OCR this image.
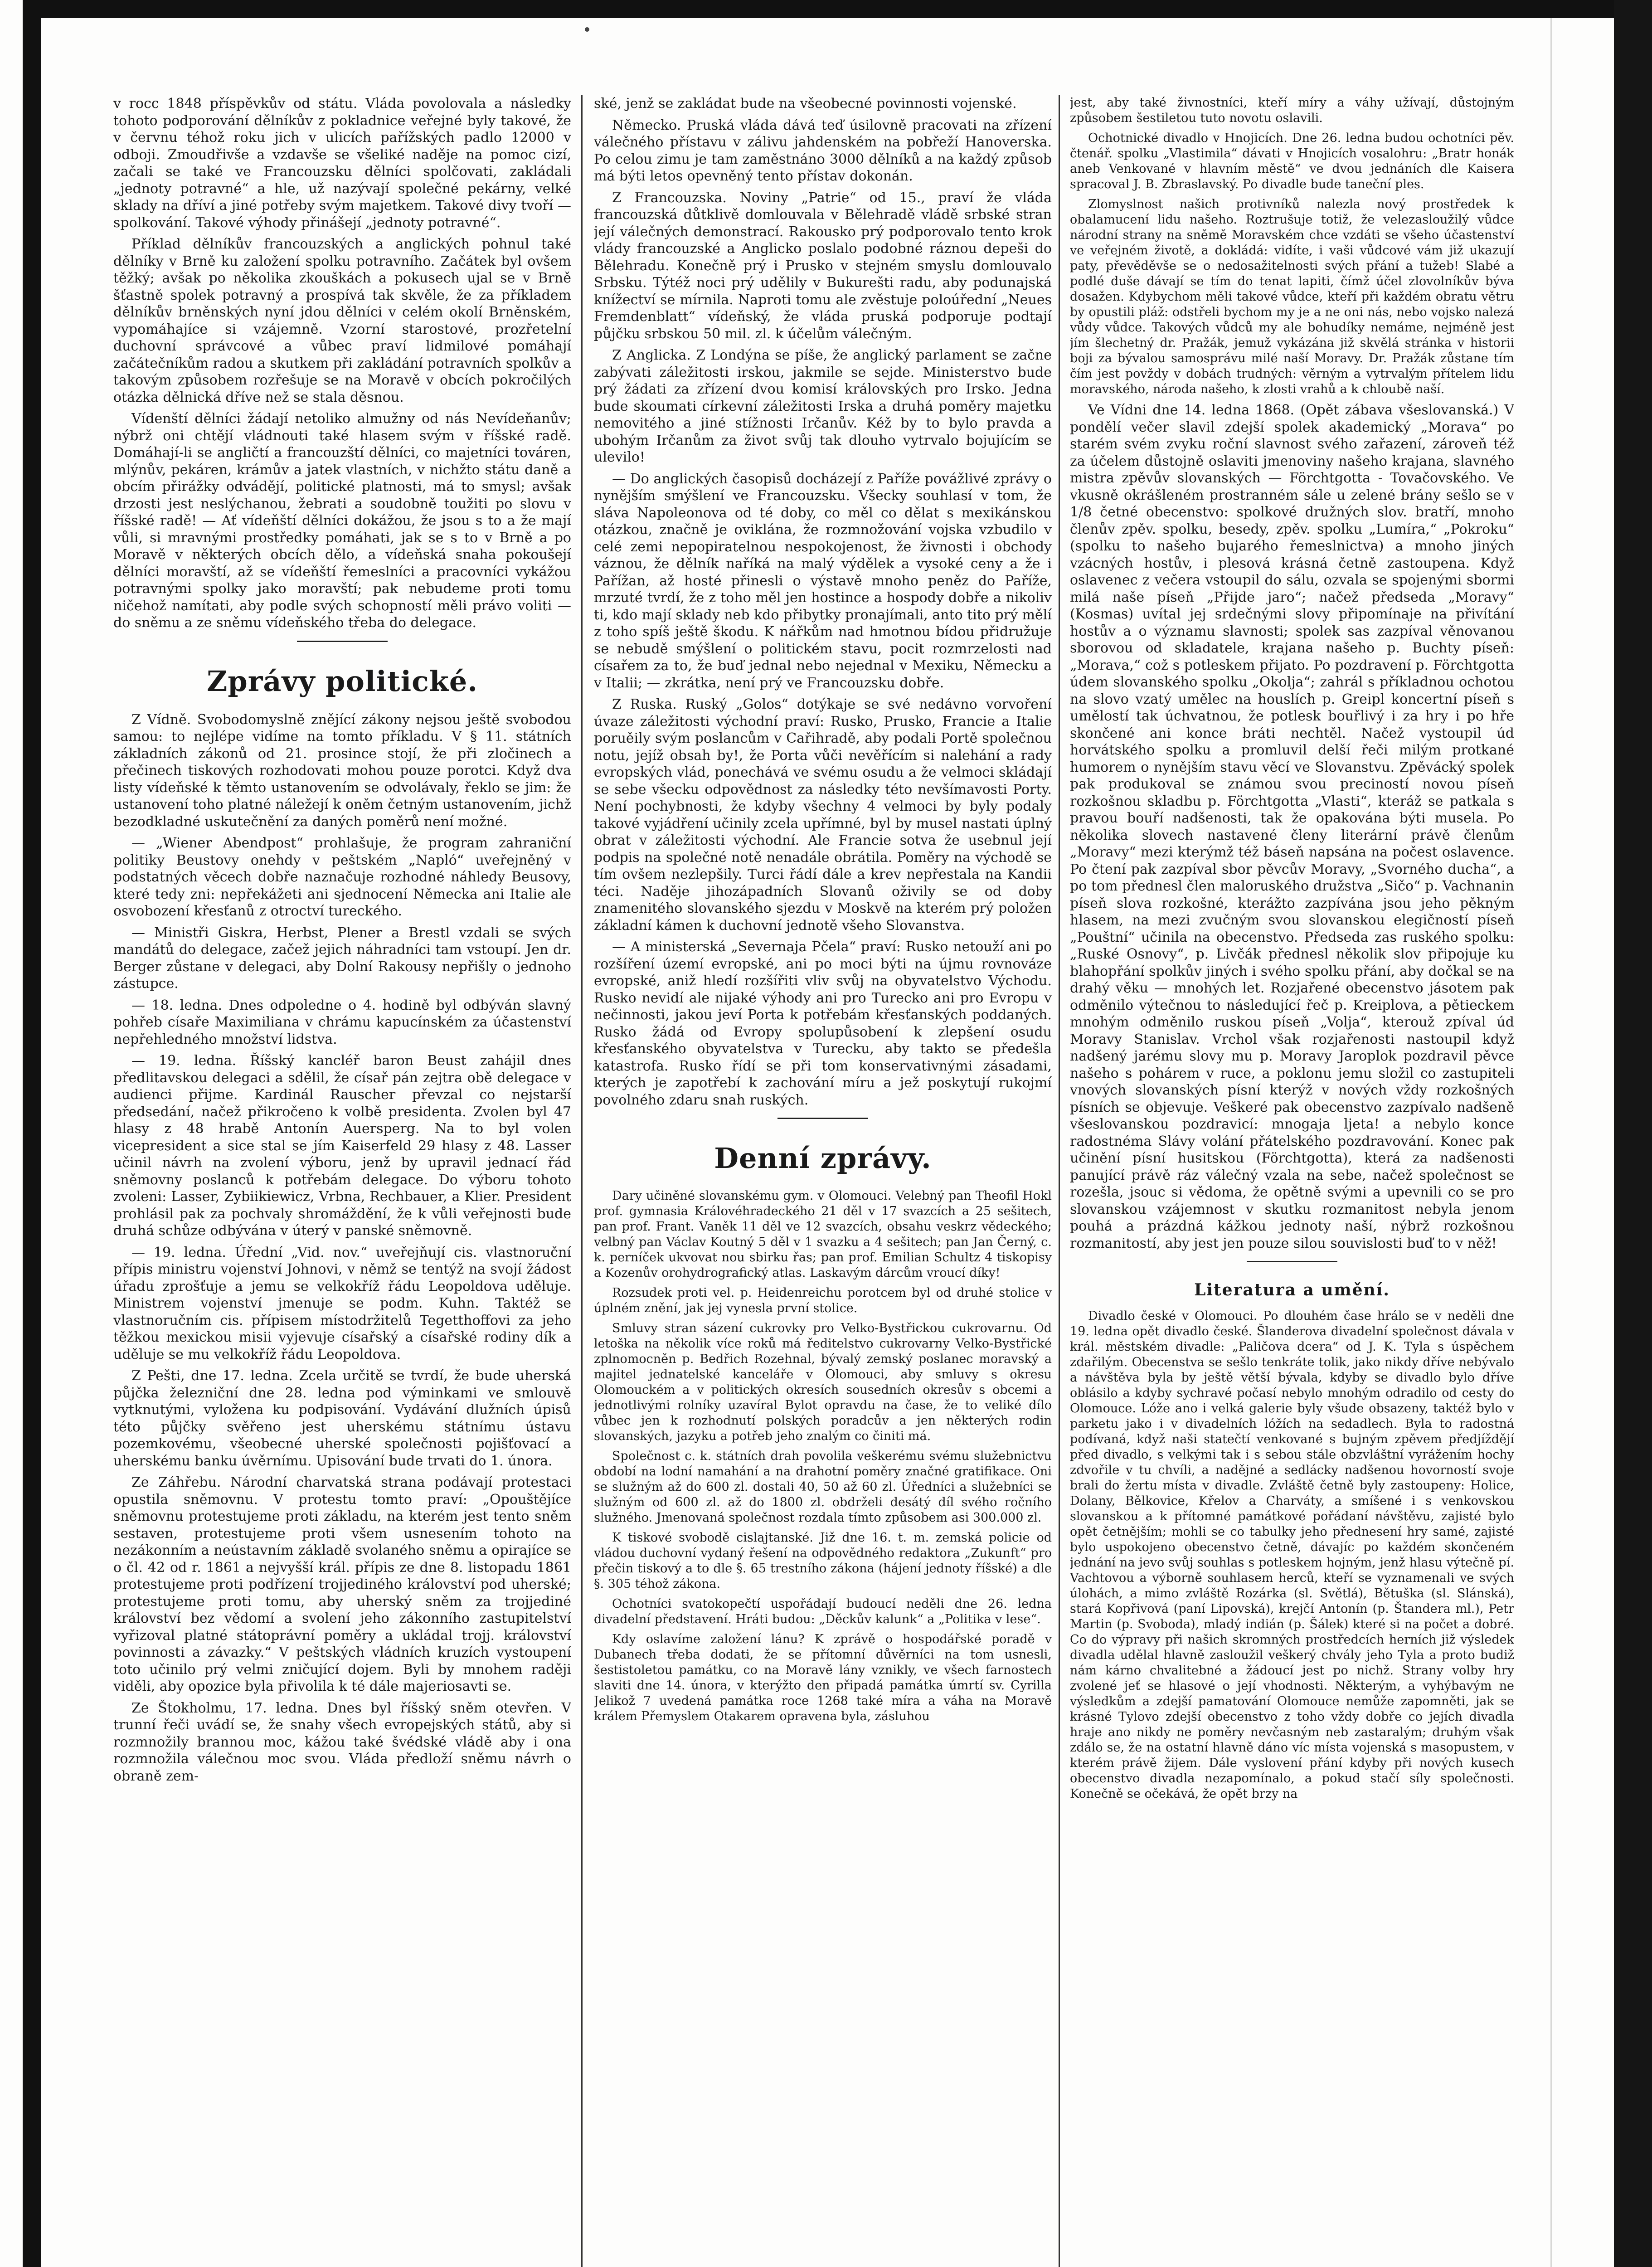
v rocc 1848 příspěvkův od státu. Vláda povolovala a následky tohoto podporování dělníkův z pokladnice veřejné byly takové, že v červnu téhož roku jich v ulicích pařížských padlo 12000 v odboji. Zmoudřivše a vzdavše se všeliké naděje na pomoc cizí, začali se také ve Francouzsku dělníci spolčovati, zakládali „jednoty potravné“ a hle, už nazývají společné pekárny, velké sklady na dříví a jiné potřeby svým majetkem. Takové divy tvoří — spolkování. Takové výhody přinášejí „jednoty potravné“.

Příklad dělníkův francouzských a anglických pohnul také dělníky v Brně ku založení spolku potravního. Začátek byl ovšem těžký; avšak po několika zkouškách a pokusech ujal se v Brně šťastně spolek potravný a prospívá tak skvěle, že za příkladem dělníkův brněnských nyní jdou dělníci v celém okolí Brněnském, vypomáhajíce si vzájemně. Vzorní starostové, prozřetelní duchovní správcové a vůbec praví lidmilové pomáhají začátečníkům radou a skutkem při zakládání potravních spolkův a takovým způsobem rozřešuje se na Moravě v obcích pokročilých otázka dělnická dříve než se stala děsnou.

Vídenští dělníci žádají netoliko almužny od nás Nevídeňanův; nýbrž oni chtějí vládnouti také hlasem svým v říšské radě. Domáhají-li se angličtí a francouzští dělníci, co majetníci továren, mlýnův, pekáren, krámův a jatek vlastních, v nichžto státu daně a obcím přirážky odvádějí, politické platnosti, má to smysl; avšak drzosti jest neslýchanou, žebrati a soudobně toužiti po slovu v říšské radě! — Ať vídeňští dělníci dokážou, že jsou s to a že mají vůli, si mravnými prostředky pomáhati, jak se s to v Brně a po Moravě v některých obcích dělo, a vídeňská snaha pokoušejí dělníci moravští, až se vídeňští řemeslníci a pracovníci vykážou potravnými spolky jako moravští; pak nebudeme proti tomu ničehož namítati, aby podle svých schopností měli právo voliti — do sněmu a ze sněmu vídeňského třeba do delegace.

Zprávy politické.

Z Vídně. Svobodomyslně znějící zákony nejsou ještě svobodou samou: to nejlépe vidíme na tomto příkladu. V § 11. státních základních zákonů od 21. prosince stojí, že při zločinech a přečinech tiskových rozhodovati mohou pouze porotci. Když dva listy vídeňské k těmto ustanovením se odvolávaly, řeklo se jim: že ustanovení toho platné náležejí k oněm četným ustanovením, jichž bezodkladné uskutečnění za daných poměrů není možné.

— „Wiener Abendpost“ prohlašuje, že program zahraniční politiky Beustovy onehdy v peštském „Napló“ uveřejněný v podstatných věcech dobře naznačuje rozhodné náhledy Beusovy, které tedy zni: nepřekážeti ani sjednocení Německa ani Italie ale osvobození křesťanů z otroctví tureckého.

— Ministři Giskra, Herbst, Plener a Brestl vzdali se svých mandátů do delegace, začež jejich náhradníci tam vstoupí. Jen dr. Berger zůstane v delegaci, aby Dolní Rakousy nepřišly o jednoho zástupce.

— 18. ledna. Dnes odpoledne o 4. hodině byl odbýván slavný pohřeb císaře Maximiliana v chrámu kapucínském za účastenství nepřehledného množství lidstva.

— 19. ledna. Říšský kancléř baron Beust zahájil dnes předlitavskou delegaci a sdělil, že císař pán zejtra obě delegace v audienci přijme. Kardinál Rauscher převzal co nejstarší předsedání, načež přikročeno k volbě presidenta. Zvolen byl 47 hlasy z 48 hrabě Antonín Auersperg. Na to byl volen vicepresident a sice stal se jím Kaiserfeld 29 hlasy z 48. Lasser učinil návrh na zvolení výboru, jenž by upravil jednací řád sněmovny poslanců k potřebám delegace. Do výboru tohoto zvoleni: Lasser, Zybiikiewicz, Vrbna, Rechbauer, a Klier. President prohlásil pak za pochvaly shromáždění, že k vůli veřejnosti bude druhá schůze odbývána v úterý v panské sněmovně.

— 19. ledna. Úřední „Vid. nov.“ uveřejňují cis. vlastnoruční přípis ministru vojenství Johnovi, v němž se tentýž na svojí žádost úřadu zprošťuje a jemu se velkokříž řádu Leopoldova uděluje. Ministrem vojenství jmenuje se podm. Kuhn. Taktéž se vlastnoručním cis. přípisem místodržitelů Tegetthoffovi za jeho těžkou mexickou misii vyjevuje císařský a císařské rodiny dík a uděluje se mu velkokříž řádu Leopoldova.

Z Pešti, dne 17. ledna. Zcela určitě se tvrdí, že bude uherská půjčka železniční dne 28. ledna pod výminkami ve smlouvě vytknutými, vyložena ku podpisování. Vydávání dlužních úpisů této půjčky svěřeno jest uherskému státnímu ústavu pozemkovému, všeobecné uherské společnosti pojišťovací a uherskému banku úvěrnímu. Upisování bude trvati do 1. února.

Ze Záhřebu. Národní charvatská strana podávají protestaci opustila sněmovnu. V protestu tomto praví: „Opouštějíce sněmovnu protestujeme proti základu, na kterém jest tento sněm sestaven, protestujeme proti všem usnesením tohoto na nezákonním a neústavním základě svolaného sněmu a opirajíce se o čl. 42 od r. 1861 a nejvyšší král. přípis ze dne 8. listopadu 1861 protestujeme proti podřízení trojjediného království pod uherské; protestujeme proti tomu, aby uherský sněm za trojjediné království bez vědomí a svolení jeho zákonního zastupitelství vyřizoval platné státoprávní poměry a ukládal trojj. království povinnosti a závazky.“ V peštských vládních kruzích vystoupení toto učinilo prý velmi zničující dojem. Byli by mnohem raději viděli, aby opozice byla přivolila k té dále majeriosavti se.

Ze Štokholmu, 17. ledna. Dnes byl říšský sněm otevřen. V trunní řeči uvádí se, že snahy všech evropejských států, aby si rozmnožily brannou moc, kážou také švédské vládě aby i ona rozmnožila válečnou moc svou. Vláda předloží sněmu návrh o obraně zem-

ské, jenž se zakládat bude na všeobecné povinnosti vojenské.

Německo. Pruská vláda dává teď úsilovně pracovati na zřízení válečného přístavu v zálivu jahdenském na pobřeží Hanoverska. Po celou zimu je tam zaměstnáno 3000 dělníků a na každý způsob má býti letos opevněný tento přístav dokonán.

Z Francouzska. Noviny „Patrie“ od 15., praví že vláda francouzská důtklivě domlouvala v Bělehradě vládě srbské stran její válečných demonstrací. Rakousko prý podporovalo tento krok vlády francouzské a Anglicko poslalo podobné ráznou depeši do Bělehradu. Konečně prý i Prusko v stejném smyslu domlouvalo Srbsku. Týtéž noci prý udělily v Bukurešti radu, aby podunajská knížectví se mírnila. Naproti tomu ale zvěstuje poloúřední „Neues Fremdenblatt“ vídeňský, že vláda pruská podporuje podtají půjčku srbskou 50 mil. zl. k účelům válečným.

Z Anglicka. Z Londýna se píše, že anglický parlament se začne zabývati záležitosti irskou, jakmile se sejde. Ministerstvo bude prý žádati za zřízení dvou komisí královských pro Irsko. Jedna bude skoumati církevní záležitosti Irska a druhá poměry majetku nemovitého a jiné stížnosti Irčanův. Kéž by to bylo pravda a ubohým Irčanům za život svůj tak dlouho vytrvalo bojujícím se ulevilo!

— Do anglických časopisů docházejí z Paříže povážlivé zprávy o nynějším smýšlení ve Francouzsku. Všecky souhlasí v tom, že sláva Napoleonova od té doby, co měl co dělat s mexikánskou otázkou, značně je oviklána, že rozmnožování vojska vzbudilo v celé zemi nepopiratelnou nespokojenost, že živnosti i obchody váznou, že dělník naříká na malý výdělek a vysoké ceny a že i Pařížan, až hosté přinesli o výstavě mnoho peněz do Paříže, mrzuté tvrdí, že z toho měl jen hostince a hospody dobře a nikoliv ti, kdo mají sklady neb kdo přibytky pronajímali, anto tito prý mělí z toho spíš ještě škodu. K nářkům nad hmotnou bídou přidružuje se nebudě smýšlení o politickém stavu, pocit rozmrzelosti nad císařem za to, že buď jednal nebo nejednal v Mexiku, Německu a v Italii; — zkrátka, není prý ve Francouzsku dobře.

Z Ruska. Ruský „Golos“ dotýkaje se své nedávno vorvoření úvaze záležitosti východní praví: Rusko, Prusko, Francie a Italie poruěily svým poslancům v Cařihradě, aby podali Portě společnou notu, jejíž obsah by!, že Porta vůči nevěřícím si nalehání a rady evropských vlád, ponechává ve svému osudu a že velmoci skládají se sebe všecku odpovědnost za následky této nevšímavosti Porty. Není pochybnosti, že kdyby všechny 4 velmoci by byly podaly takové vyjádření učinily zcela upřímné, byl by musel nastati úplný obrat v záležitosti východní. Ale Francie sotva že usebnul její podpis na společné notě nenadále obrátila. Poměry na východě se tím ovšem nezlepšily. Turci řádí dále a krev nepřestala na Kandii téci. Naděje jihozápadních Slovanů oživily se od doby znamenitého slovanského sjezdu v Moskvě na kterém prý položen základní kámen k duchovní jednotě všeho Slovanstva.

— A ministerská „Severnaja Pčela“ praví: Rusko netouží ani po rozšíření území evropské, ani po moci býti na újmu rovnováze evropské, aniž hledí rozšířiti vliv svůj na obyvatelstvo Východu. Rusko nevidí ale nijaké výhody ani pro Turecko ani pro Evropu v nečinnosti, jakou jeví Porta k potřebám křesťanských poddaných. Rusko žádá od Evropy spolupůsobení k zlepšení osudu křesťanského obyvatelstva v Turecku, aby takto se předešla katastrofa. Rusko řídí se při tom konservativnými zásadami, kterých je zapotřebí k zachování míru a jež poskytují rukojmí povolného zdaru snah ruských.

Denní zprávy.

Dary učiněné slovanskému gym. v Olomouci. Velebný pan Theofil Hokl prof. gymnasia Královéhradeckého 21 děl v 17 svazcích a 25 sešitech, pan prof. Frant. Vaněk 11 děl ve 12 svazcích, obsahu veskrz vědeckého; velbný pan Václav Koutný 5 děl v 1 svazku a 4 sešitech; pan Jan Černý, c. k. perníček ukvovat nou sbirku řas; pan prof. Emilian Schultz 4 tiskopisy a Kozenův orohydrografický atlas. Laskavým dárcům vroucí díky!

Rozsudek proti vel. p. Heidenreichu porotcem byl od druhé stolice v úplném znění, jak jej vynesla první stolice.

Smluvy stran sázení cukrovky pro Velko-Bystřickou cukrovarnu. Od letoška na několik více roků má ředitelstvo cukrovarny Velko-Bystřické zplnomocněn p. Bedřich Rozehnal, bývalý zemský poslanec moravský a majitel jednatelské kanceláře v Olomouci, aby smluvy s okresu Olomouckém a v politických okresích sousedních okresův s obcemi a jednotlivými rolníky uzavíral Bylot opravdu na čase, že to veliké dílo vůbec jen k rozhodnutí polských poradcův a jen některých rodin slovanských, jazyku a potřeb jeho znalým co činiti má.

Společnost c. k. státních drah povolila veškerému svému služebnictvu období na lodní namahání a na drahotní poměry značné gratifikace. Oni se služným až do 600 zl. dostali 40, 50 až 60 zl. Úředníci a služebníci se služným od 600 zl. až do 1800 zl. obdrželi desátý díl svého ročního služného. Jmenovaná společnost rozdala tímto způsobem asi 300.000 zl.

K tiskové svobodě cislajtanské. Již dne 16. t. m. zemská policie od vládou duchovní vydaný řešení na odpovědného redaktora „Zukunft“ pro přečin tiskový a to dle §. 65 trestního zákona (hájení jednoty říšské) a dle §. 305 téhož zákona.

Ochotníci svatokopečtí uspořádají budoucí neděli dne 26. ledna divadelní představení. Hráti budou: „Děckův kalunk“ a „Politika v lese“.

Kdy oslavíme založení lánu? K zprávě o hospodářské poradě v Dubanech třeba dodati, že se přítomní důvěrníci na tom usnesli, šestistoletou památku, co na Moravě lány vznikly, ve všech farnostech slaviti dne 14. února, v kterýžto den připadá památka úmrtí sv. Cyrilla Jelikož 7 uvedená památka roce 1268 také míra a váha na Moravě králem Přemyslem Otakarem opravena byla, zásluhou

jest, aby také živnostníci, kteří míry a váhy užívají, důstojným způsobem šestiletou tuto novotu oslavili.

Ochotnické divadlo v Hnojicích. Dne 26. ledna budou ochotníci pěv. čtenář. spolku „Vlastimila“ dávati v Hnojicích vosalohru: „Bratr honák aneb Venkované v hlavním městě“ ve dvou jednáních dle Kaisera spracoval J. B. Zbraslavský. Po divadle bude taneční ples.

Zlomyslnost našich protivníků nalezla nový prostředek k obalamucení lidu našeho. Roztrušuje totiž, že velezasloužilý vůdce národní strany na sněmě Moravském chce vzdáti se všeho účastenství ve veřejném životě, a dokládá: vidíte, i vaši vůdcové vám již ukazují paty, převěděvše se o nedosažitelnosti svých přání a tužeb! Slabé a podlé duše dávají se tím do tenat lapiti, čímž účel zlovolníkův býva dosažen. Kdybychom měli takové vůdce, kteří při každém obratu větru by opustili pláž: odstřeli bychom my je a ne oni nás, nebo vojsko nalezá vůdy vůdce. Takových vůdců my ale bohudíky nemáme, nejméně jest jím šlechetný dr. Pražák, jemuž vykázána již skvělá stránka v historii boji za bývalou samosprávu milé naší Moravy. Dr. Pražák zůstane tím čím jest povždy v dobách trudných: věrným a vytrvalým přítelem lidu moravského, národa našeho, k zlosti vrahů a k chloubě naší.

Ve Vídni dne 14. ledna 1868. (Opět zábava všeslovanská.) V pondělí večer slavil zdejší spolek akademický „Morava“ po starém svém zvyku roční slavnost svého zařazení, zároveň též za účelem důstojně oslaviti jmenoviny našeho krajana, slavného mistra zpěvův slovanských — Förchtgotta - Tovačovského. Ve vkusně okrášleném prostranném sále u zelené brány sešlo se v 1/8 četné obecenstvo: spolkové družných slov. bratří, mnoho členův zpěv. spolku, besedy, zpěv. spolku „Lumíra,“ „Pokroku“ (spolku to našeho bujarého řemeslnictva) a mnoho jiných vzácných hostův, i plesová krásná četně zastoupena. Když oslavenec z večera vstoupil do sálu, ozvala se spojenými sbormi milá naše píseň „Přijde jaro“; načež předseda „Moravy“ (Kosmas) uvítal jej srdečnými slovy připomínaje na přivítání hostův a o významu slavnosti; spolek sas zazpíval věnovanou sborovou od skladatele, krajana našeho p. Buchty píseň: „Morava,“ což s potleskem přijato. Po pozdravení p. Förchtgotta údem slovanského spolku „Okolja“; zahrál s příkladnou ochotou na slovo vzatý umělec na houslích p. Greipl koncertní píseň s umělostí tak úchvatnou, že potlesk bouřlivý i za hry i po hře skončené ani konce bráti nechtěl. Načež vystoupil úd horvátského spolku a promluvil delší řeči milým protkané humorem o nynějším stavu věcí ve Slovanstvu. Zpěvácký spolek pak produkoval se známou svou preciností novou píseň rozkošnou skladbu p. Förchtgotta „Vlasti“, kteráž se patkala s pravou bouří nadšenosti, tak že opakována býti musela. Po několika slovech nastavené členy literární právě členům „Moravy“ mezi kterýmž též báseň napsána na počest oslavence. Po čtení pak zazpíval sbor pěvcův Moravy, „Svorného ducha“, a po tom přednesl člen maloruského družstva „Sičo“ p. Vachnanin píseň slova rozkošné, kterážto zazpívána jsou jeho pěkným hlasem, na mezi zvučným svou slovanskou elegičností píseň „Pouštní“ učinila na obecenstvo. Předseda zas ruského spolku: „Ruské Osnovy“, p. Livčák přednesl několik slov připojuje ku blahopřání spolkův jiných i svého spolku přání, aby dočkal se na drahý věku — mnohých let. Rozjařené obecenstvo jásotem pak odměnilo výtečnou to následující řeč p. Kreiplova, a pětieckem mnohým odměnilo ruskou píseň „Volja“, kterouž zpíval úd Moravy Stanislav. Vrchol však rozjařenosti nastoupil když nadšený jarému slovy mu p. Moravy Jaroplok pozdravil pěvce našeho s pohárem v ruce, a poklonu jemu složil co zastupiteli vnových slovanských písní kterýž v nových vždy rozkošných písních se objevuje. Veškeré pak obecenstvo zazpívalo nadšeně všeslovanskou pozdravicí: mnogaja ljeta! a nebylo konce radostnéma Slávy volání přátelského pozdravování. Konec pak učinění písní husitskou (Förchtgotta), která za nadšenosti panující právě ráz válečný vzala na sebe, načež společnost se rozešla, jsouc si vědoma, že opětně svými a upevnili co se pro slovanskou vzájemnost v skutku rozmanitost nebyla jenom pouhá a prázdná kážkou jednoty naší, nýbrž rozkošnou rozmanitostí, aby jest jen pouze silou souvislosti buď to v něž!

Literatura a umění.

Divadlo české v Olomouci. Po dlouhém čase hrálo se v neděli dne 19. ledna opět divadlo české. Šlanderova divadelní společnost dávala v král. městském divadle: „Paličova dcera“ od J. K. Tyla s úspěchem zdařilým. Obecenstva se sešlo tenkráte tolik, jako nikdy dříve nebývalo a návštěva byla by ještě větší bývala, kdyby se divadlo bylo dříve oblásilo a kdyby sychravé počasí nebylo mnohým odradilo od cesty do Olomouce. Lóže ano i velká galerie byly všude obsazeny, taktéž bylo v parketu jako i v divadelních lóžích na sedadlech. Byla to radostná podívaná, když naši statečtí venkované s bujným zpěvem předjíždějí před divadlo, s velkými tak i s sebou stále obzvláštní vyrážením hochy zdvořile v tu chvíli, a nadějné a sedlácky nadšenou hovorností svoje brali do žertu místa v divadle. Zvláště četně byly zastoupeny: Holice, Dolany, Bělkovice, Křelov a Charváty, a smíšené i s venkovskou slovanskou a k přítomné památkové pořádaní návštěvu, zajisté bylo opět četnějším; mohli se co tabulky jeho přednesení hry samé, zajisté bylo uspokojeno obecenstvo četně, dávajíc po každém skončeném jednání na jevo svůj souhlas s potleskem hojným, jenž hlasu výtečně pí. Vachtovou a výborně souhlasem herců, kteří se vyznamenali ve svých úlohách, a mimo zvláště Rozárka (sl. Světlá), Bětuška (sl. Slánská), stará Kopřivová (paní Lipovská), krejčí Antonín (p. Štandera ml.), Petr Martin (p. Svoboda), mladý indián (p. Šálek) které si na počet a dobré. Co do výpravy při našich skromných prostředcích herních již výsledek divadla udělal hlavně zasloužil veškerý chvály jeho Tyla a proto budiž nám kárno chvalitebné a žádoucí jest po nichž. Strany volby hry zvolené jeť se hlasové o její vhodnosti. Některým, a vyhýbavým ne výsledkům a zdejší pamatování Olomouce nemůže zapomněti, jak se krásné Tylovo zdejší obecenstvo z toho vždy dobře co jejích divadla hraje ano nikdy ne poměry nevčasným neb zastaralým; druhým však zdálo se, že na ostatní hlavně dáno víc místa vojenská s masopustem, v kterém právě žijem. Dále vyslovení přání kdyby při nových kusech obecenstvo divadla nezapomínalo, a pokud stačí síly společnosti. Konečně se očekává, že opět brzy na
